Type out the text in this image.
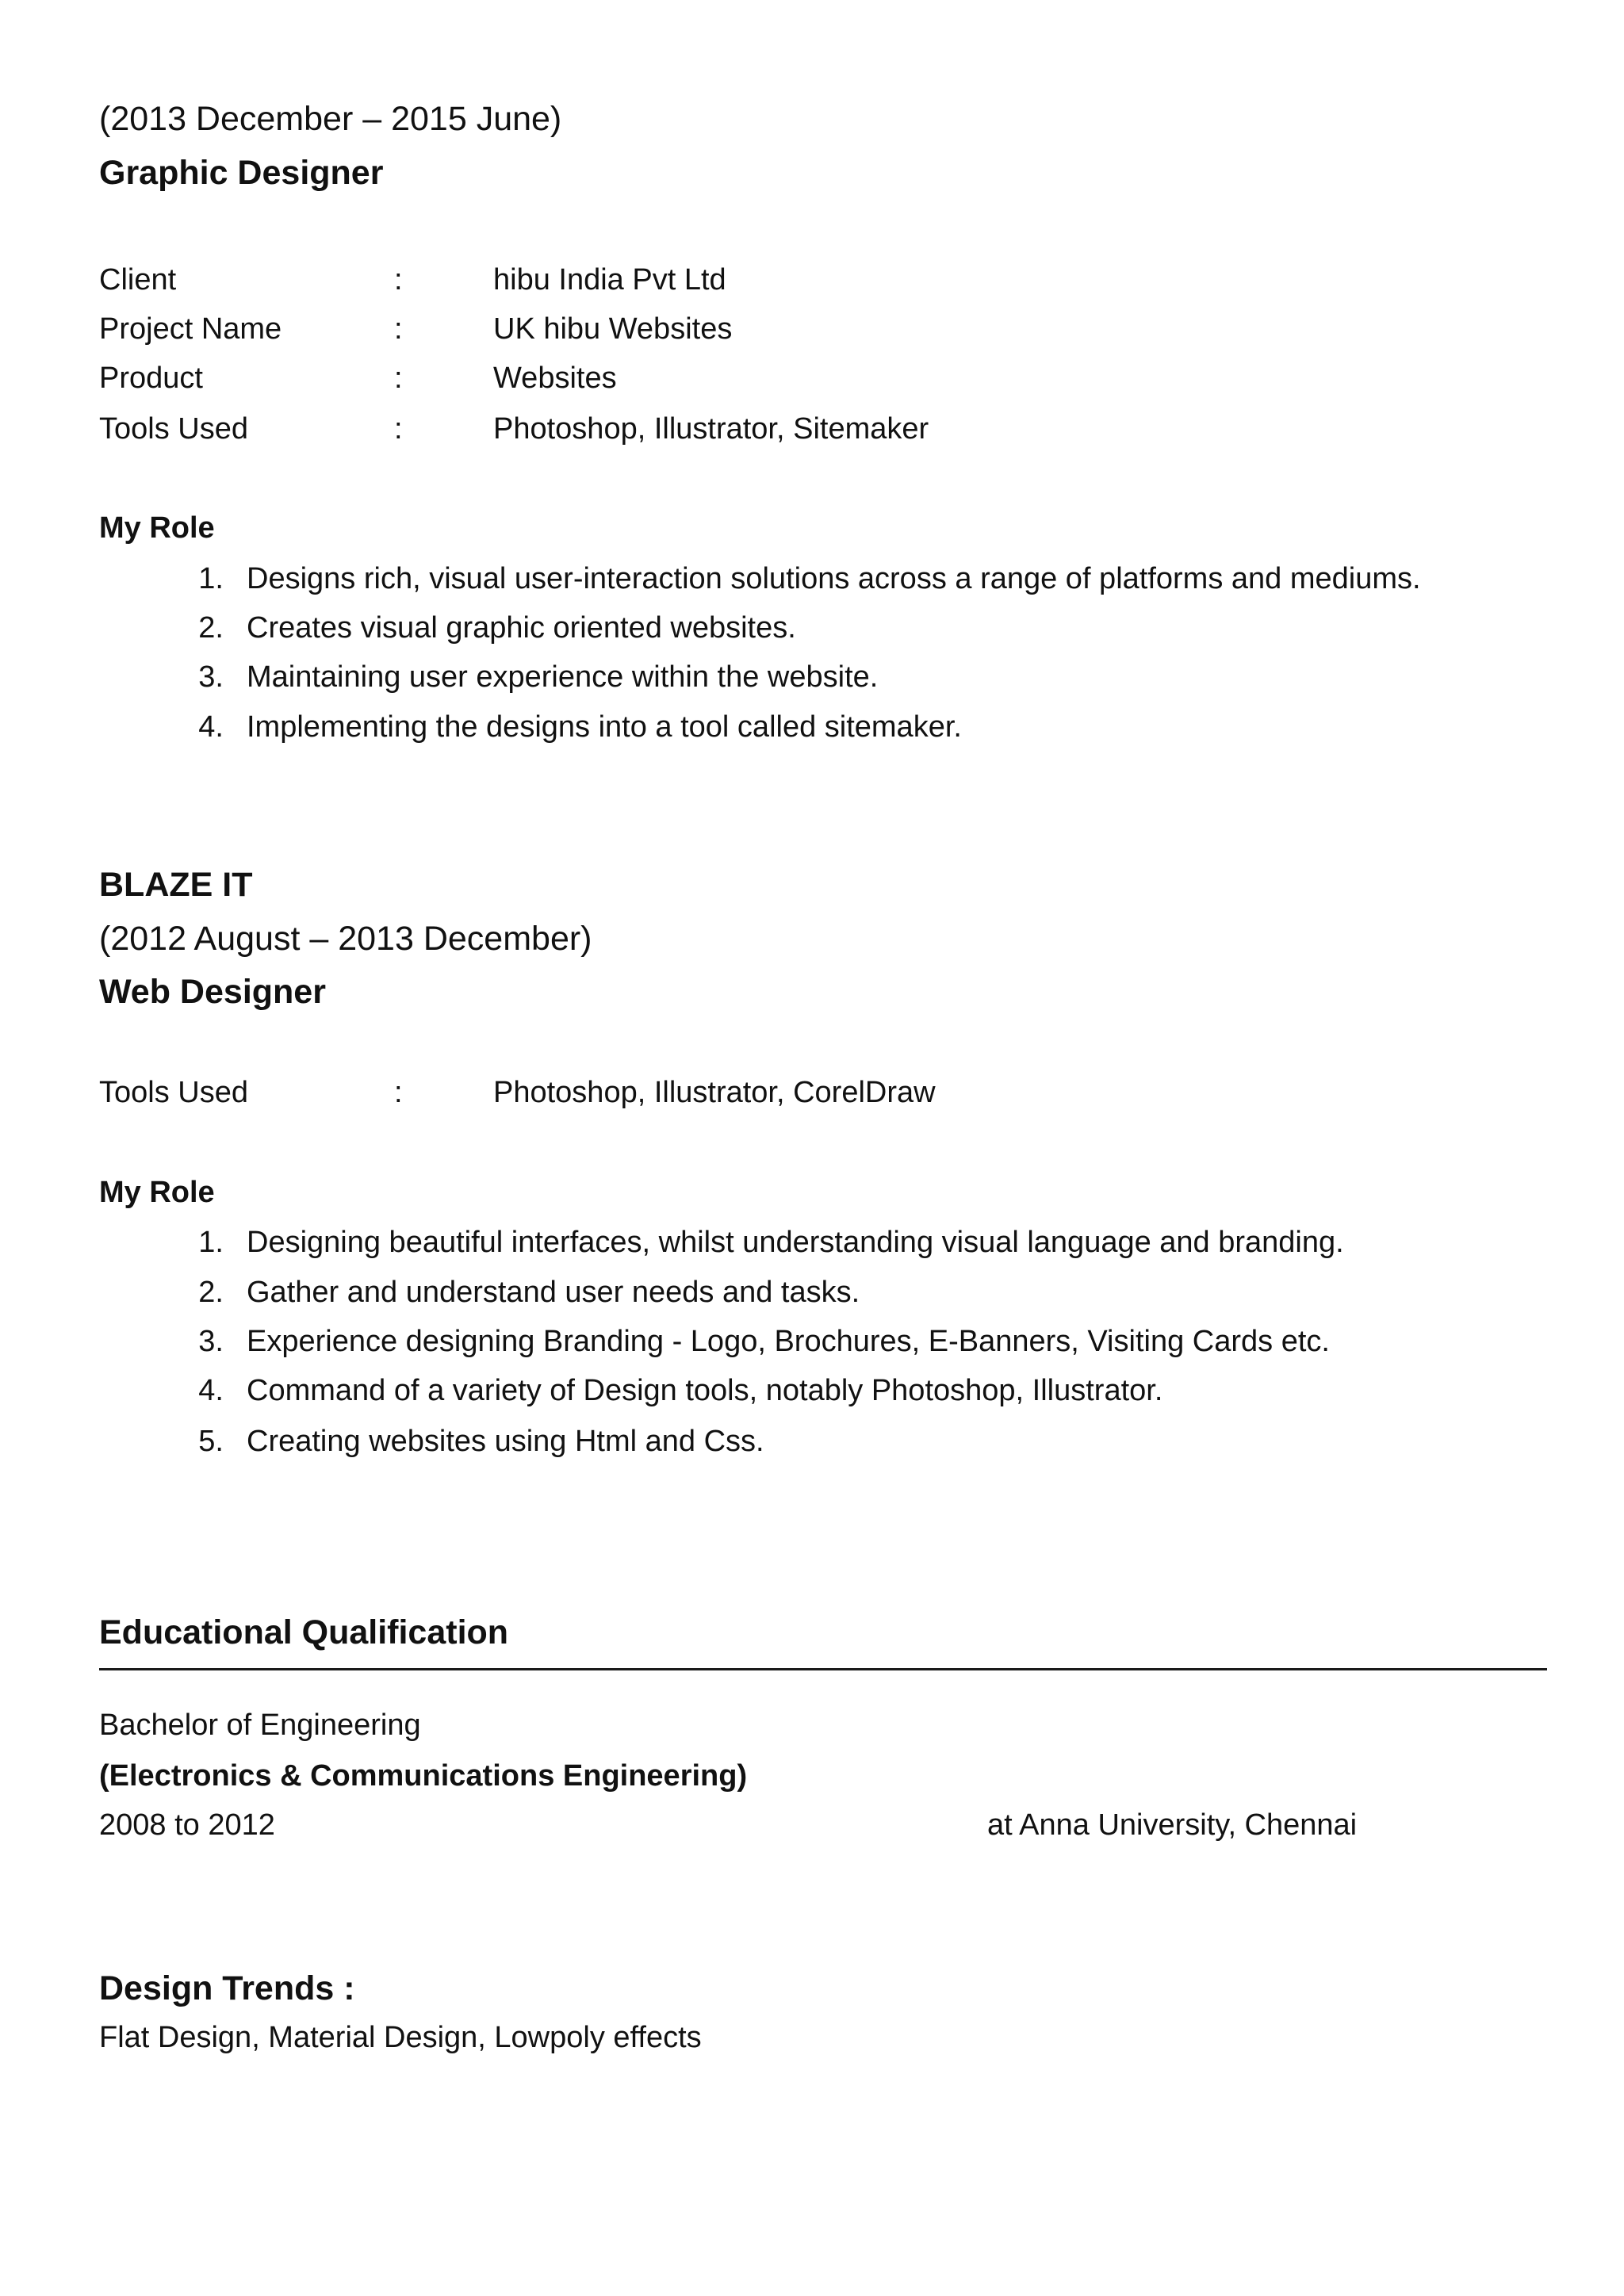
(2013 December – 2015 June)
Graphic Designer
Client	:	hibu India Pvt Ltd
Project Name	:	UK hibu Websites
Product	:	Websites
Tools Used	:	Photoshop, Illustrator, Sitemaker
My Role
1. Designs rich, visual user-interaction solutions across a range of platforms and mediums.
2. Creates visual graphic oriented websites.
3. Maintaining user experience within the website.
4. Implementing the designs into a tool called sitemaker.
BLAZE IT
(2012 August – 2013 December)
Web Designer
Tools Used	:	Photoshop, Illustrator, CorelDraw
My Role
1. Designing beautiful interfaces, whilst understanding visual language and branding.
2. Gather and understand user needs and tasks.
3. Experience designing Branding - Logo, Brochures, E-Banners, Visiting Cards etc.
4. Command of a variety of Design tools, notably Photoshop, Illustrator.
5. Creating websites using Html and Css.
Educational Qualification
Bachelor of Engineering
(Electronics & Communications Engineering)
2008 to 2012	at Anna University, Chennai
Design Trends :
Flat Design, Material Design, Lowpoly effects
